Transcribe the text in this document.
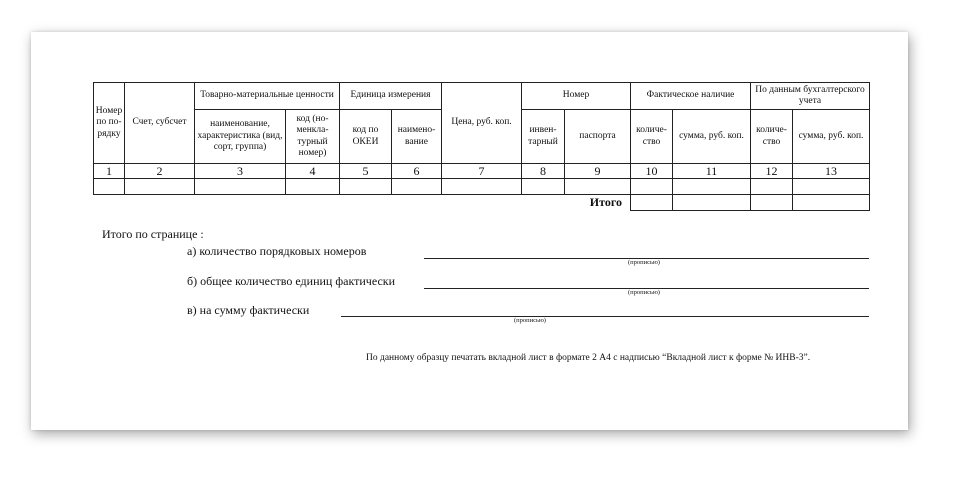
Номер по по-рядку	Счет, субсчет	Товарно-материальные ценности		Единица измерения		Цена, руб. коп.	Номер		Фактическое наличие		По данным бухгалтерского учета	
		наименование, характеристика (вид, сорт, группа)	код (но-менкла-турный номер)	код по ОКЕИ	наимено-вание		инвен-тарный	паспорта	количе-ство	сумма, руб. коп.	количе-ство	сумма, руб. коп.
1	2	3	4	5	6	7	8	9	10	11	12	13

Итого												
Итого по странице :
а) количество порядковых номеров
(прописью)
б) общее количество единиц фактически
(прописью)
в) на сумму фактически
(прописью)
По данному образцу печатать вкладной лист в формате 2 А4 с надписью “Вкладной лист к форме № ИНВ-3”.
